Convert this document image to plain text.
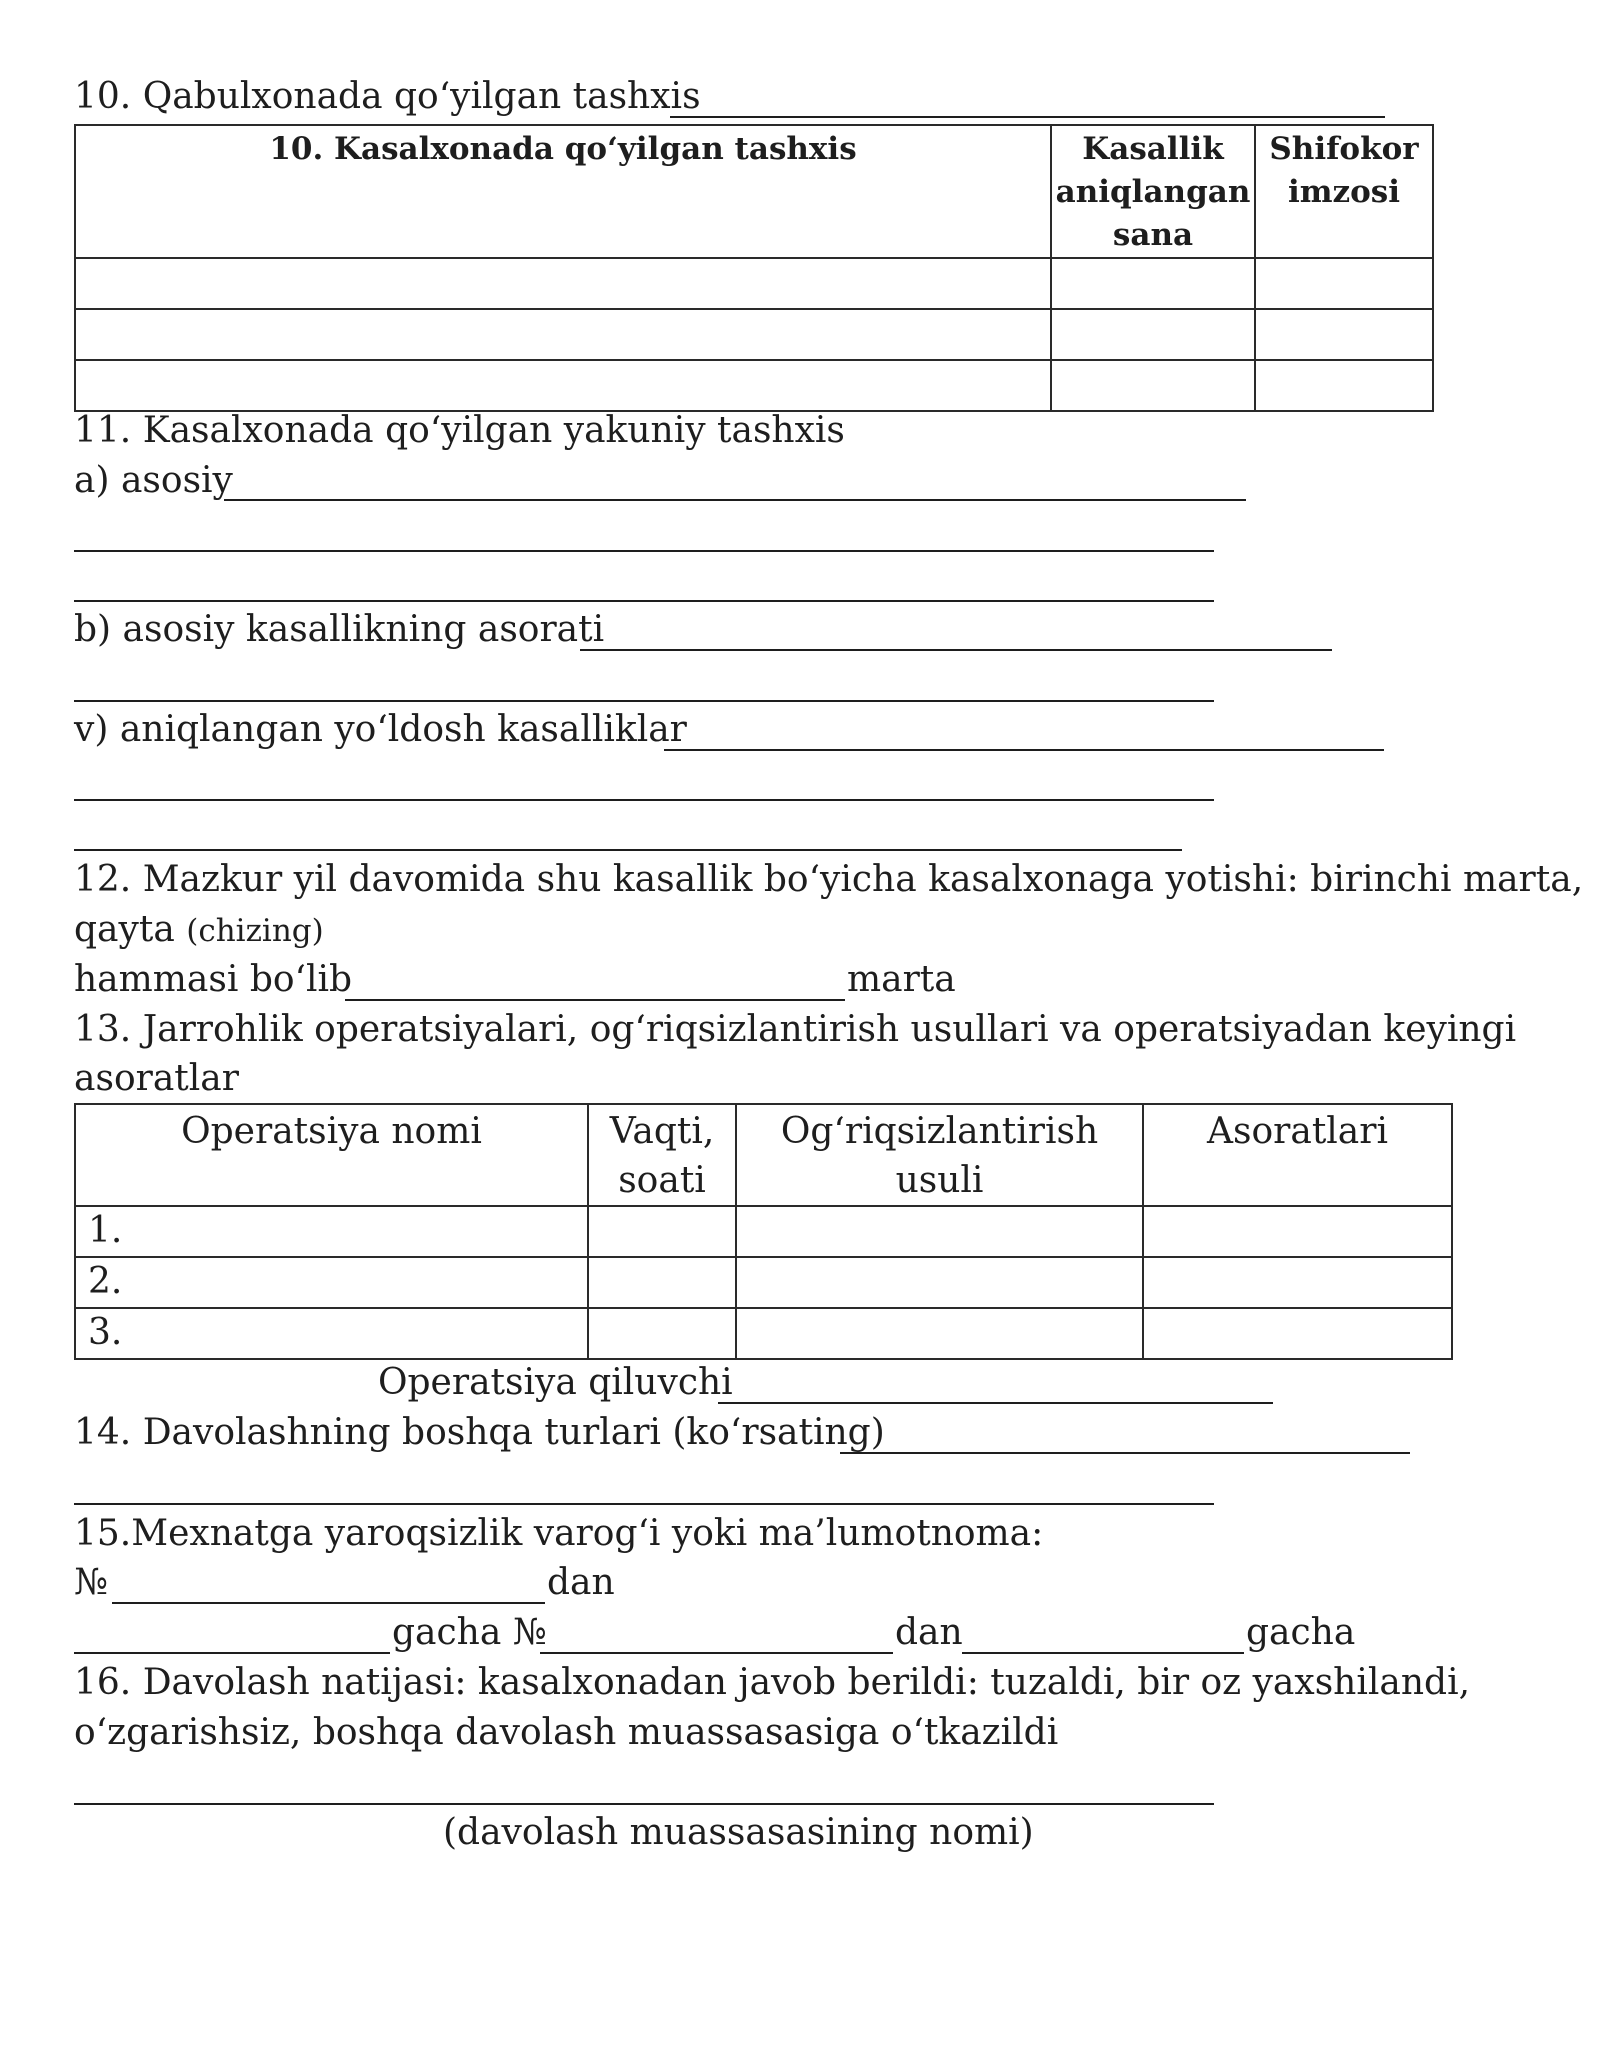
10. Qabulxonada qo‘yilgan tashxis
10. Kasalxonada qo‘yilgan tashxis	Kasallik aniqlangan sana	Shifokor imzosi

11. Kasalxonada qo‘yilgan yakuniy tashxis
a) asosiy
b) asosiy kasallikning asorati
v) aniqlangan yo‘ldosh kasalliklar
12. Mazkur yil davomida shu kasallik bo‘yicha kasalxonaga yotishi: birinchi marta,
qayta (chizing)
hammasi bo‘lib	marta
13. Jarrohlik operatsiyalari, og‘riqsizlantirish usullari va operatsiyadan keyingi
asoratlar
Operatsiya nomi	Vaqti, soati	Og‘riqsizlantirish usuli	Asoratlari
1.			
2.			
3.			
Operatsiya qiluvchi
14. Davolashning boshqa turlari (ko‘rsating)
15.Mexnatga yaroqsizlik varog‘i yoki ma’lumotnoma:
№	dan
gacha №	dan	gacha
16. Davolash natijasi: kasalxonadan javob berildi: tuzaldi, bir oz yaxshilandi,
o‘zgarishsiz, boshqa davolash muassasasiga o‘tkazildi
(davolash muassasasining nomi)
